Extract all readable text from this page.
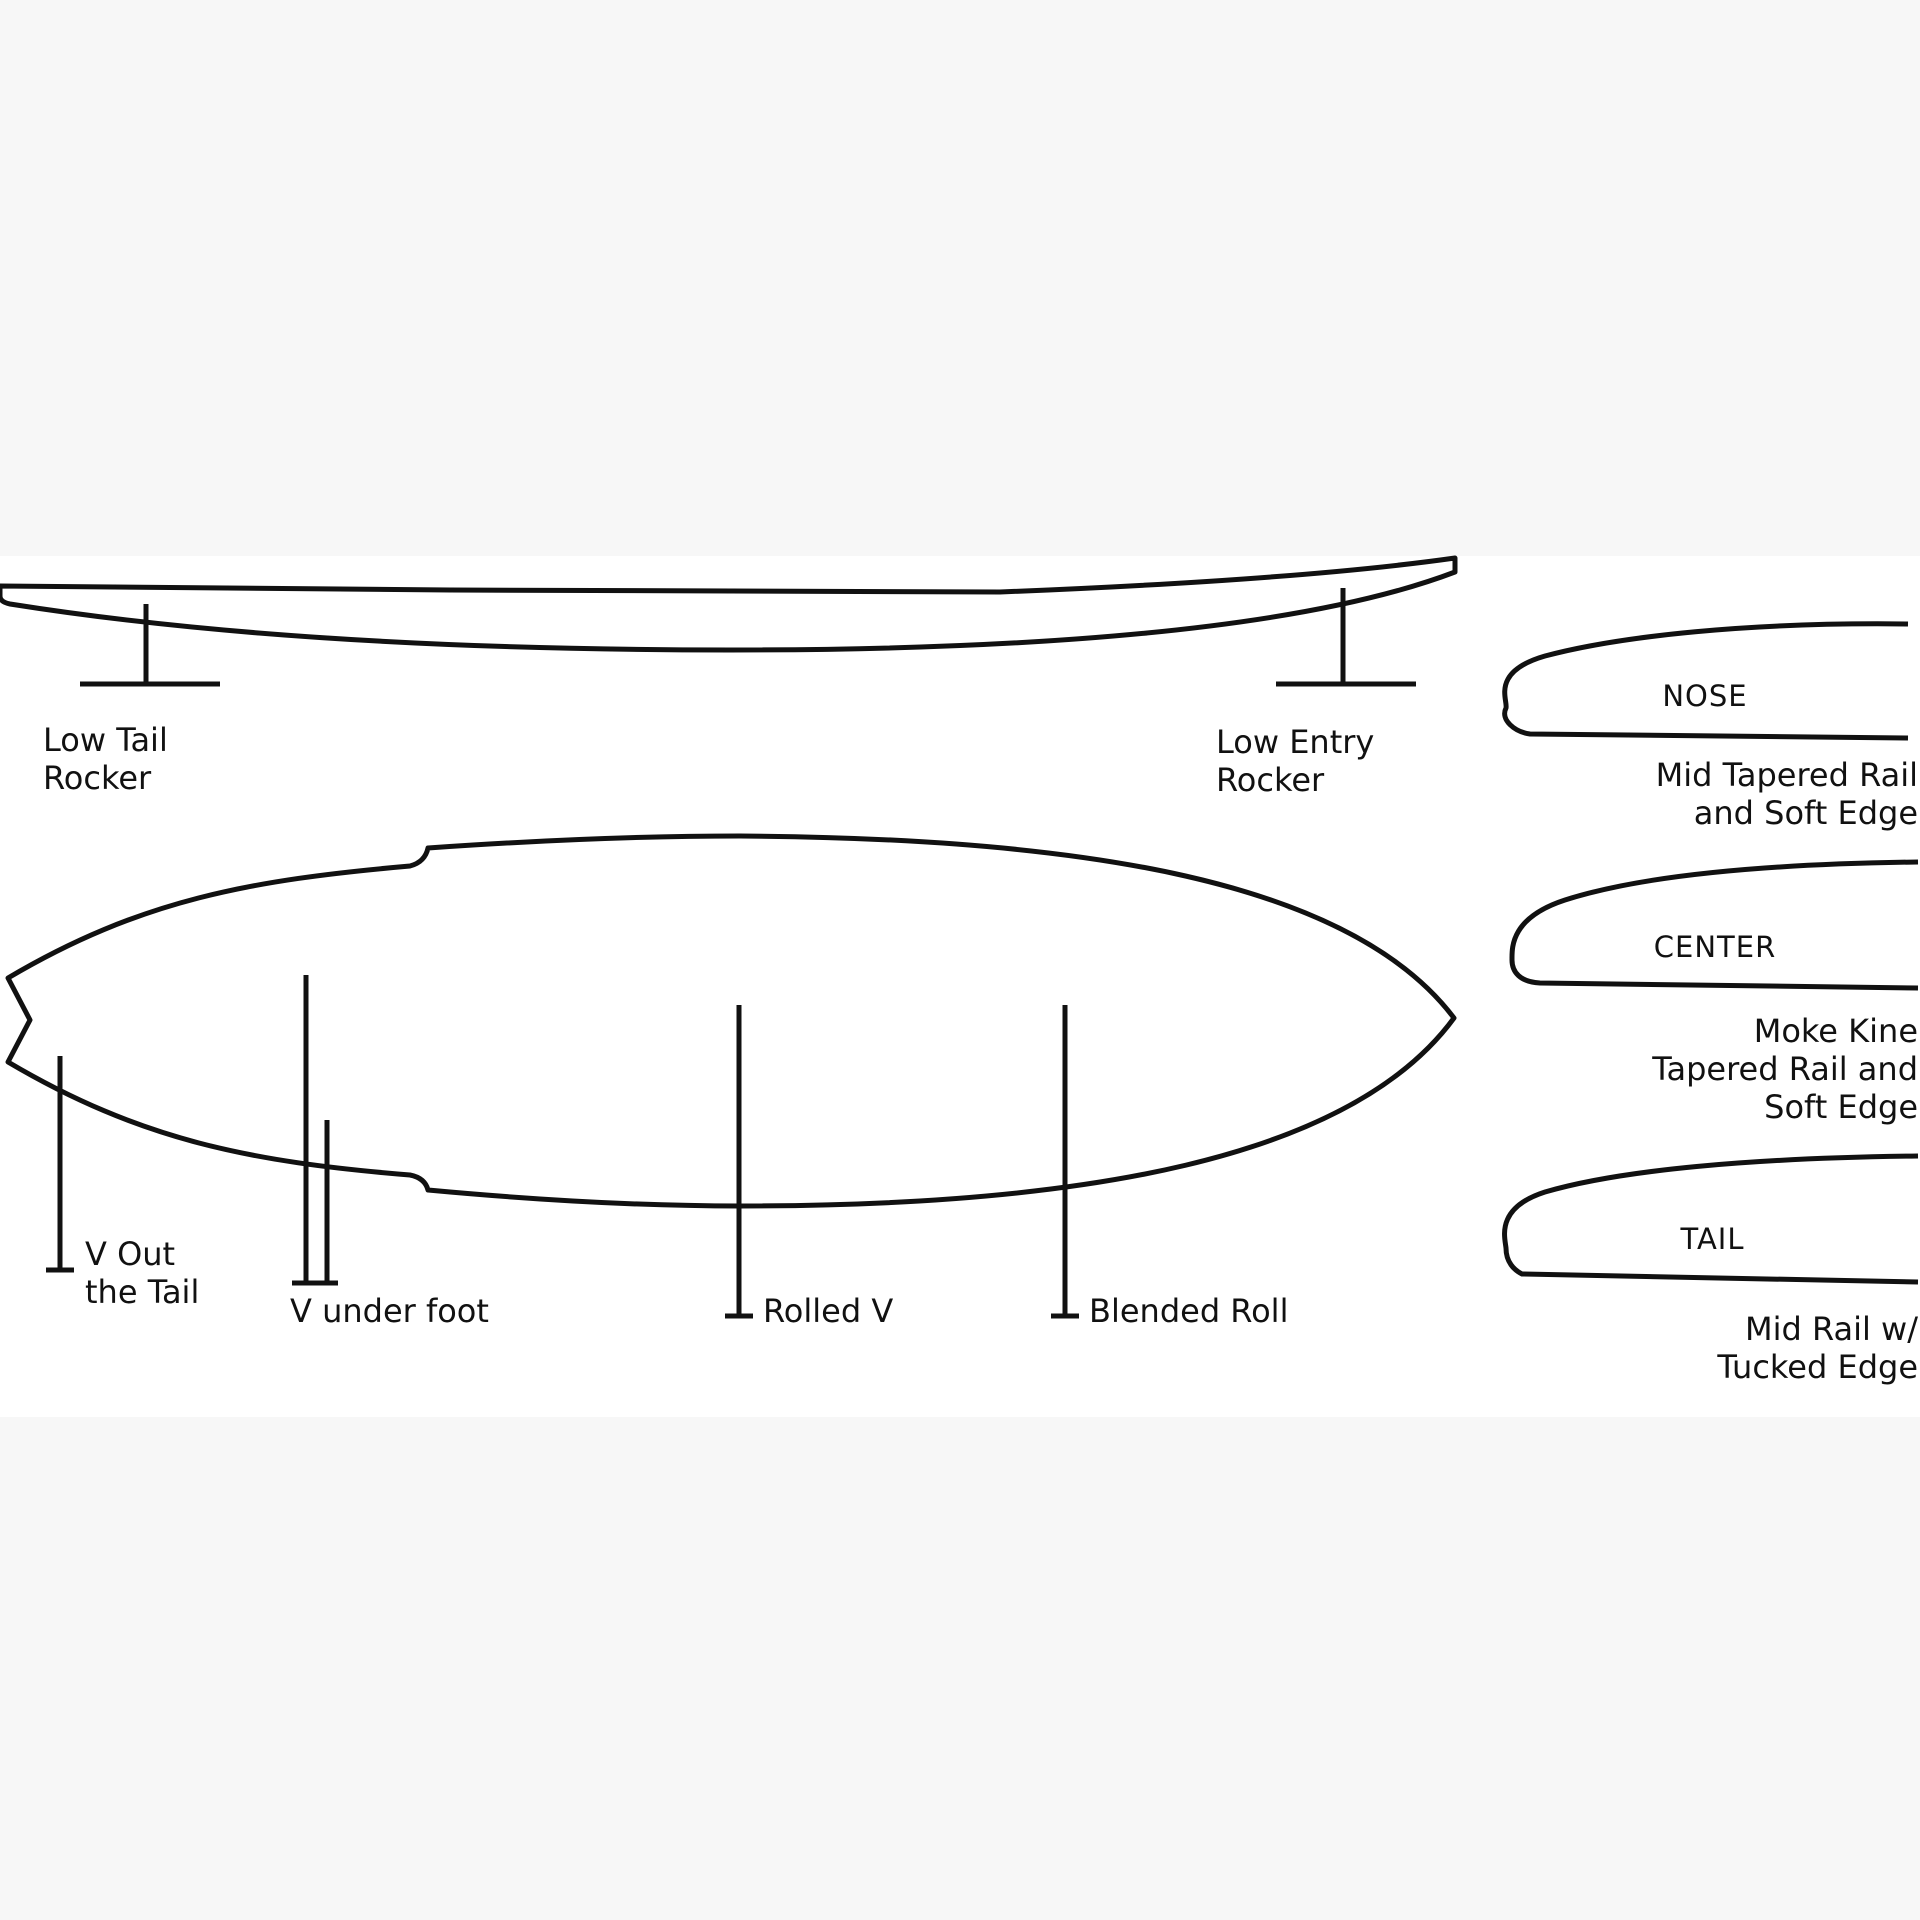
Low Tail
Rocker

Low Entry
Rocker

V Out
the Tail	V under foot	Rolled V	Blended Roll

NOSE

CENTER

TAIL

Mid Tapered Rail
and Soft Edge

Moke Kine
Tapered Rail and
Soft Edge

Mid Rail w/
Tucked Edge
